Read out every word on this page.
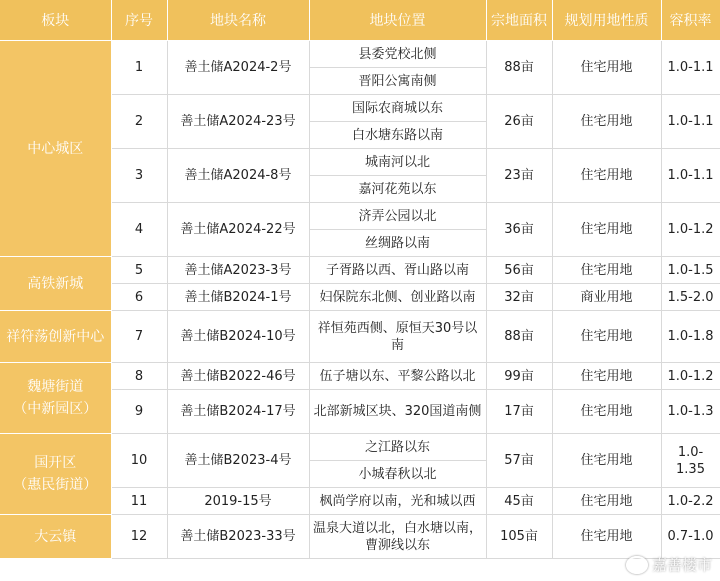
板块	序号	地块名称	地块位置	宗地面积	规划用地性质	容积率
中心城区	1	善土储A2024-2号	县委党校北侧	88亩	住宅用地	1.0-1.1
			晋阳公寓南侧			
	2	善土储A2024-23号	国际农商城以东	26亩	住宅用地	1.0-1.1
			白水塘东路以南			
	3	善土储A2024-8号	城南河以北	23亩	住宅用地	1.0-1.1
			嘉河花苑以东			
	4	善土储A2024-22号	济弄公园以北	36亩	住宅用地	1.0-1.2
			丝绸路以南			
高铁新城	5	善土储A2023-3号	子胥路以西、胥山路以南	56亩	住宅用地	1.0-1.5
	6	善土储B2024-1号	妇保院东北侧、创业路以南	32亩	商业用地	1.5-2.0
祥符荡创新中心	7	善土储B2024-10号	祥恒苑西侧、原恒天30号以南	88亩	住宅用地	1.0-1.8
魏塘街道
（中新园区）	8	善土储B2022-46号	伍子塘以东、平黎公路以北	99亩	住宅用地	1.0-1.2
	9	善土储B2024-17号	北部新城区块、320国道南侧	17亩	住宅用地	1.0-1.3
国开区
（惠民街道）	10	善土储B2023-4号	之江路以东	57亩	住宅用地	1.0-1.35
			小城春秋以北			
	11	2019-15号	枫尚学府以南，光和城以西	45亩	住宅用地	1.0-2.2
大云镇	12	善土储B2023-33号	温泉大道以北，白水塘以南，曹泖线以东	105亩	住宅用地	0.7-1.0
嘉善楼市
